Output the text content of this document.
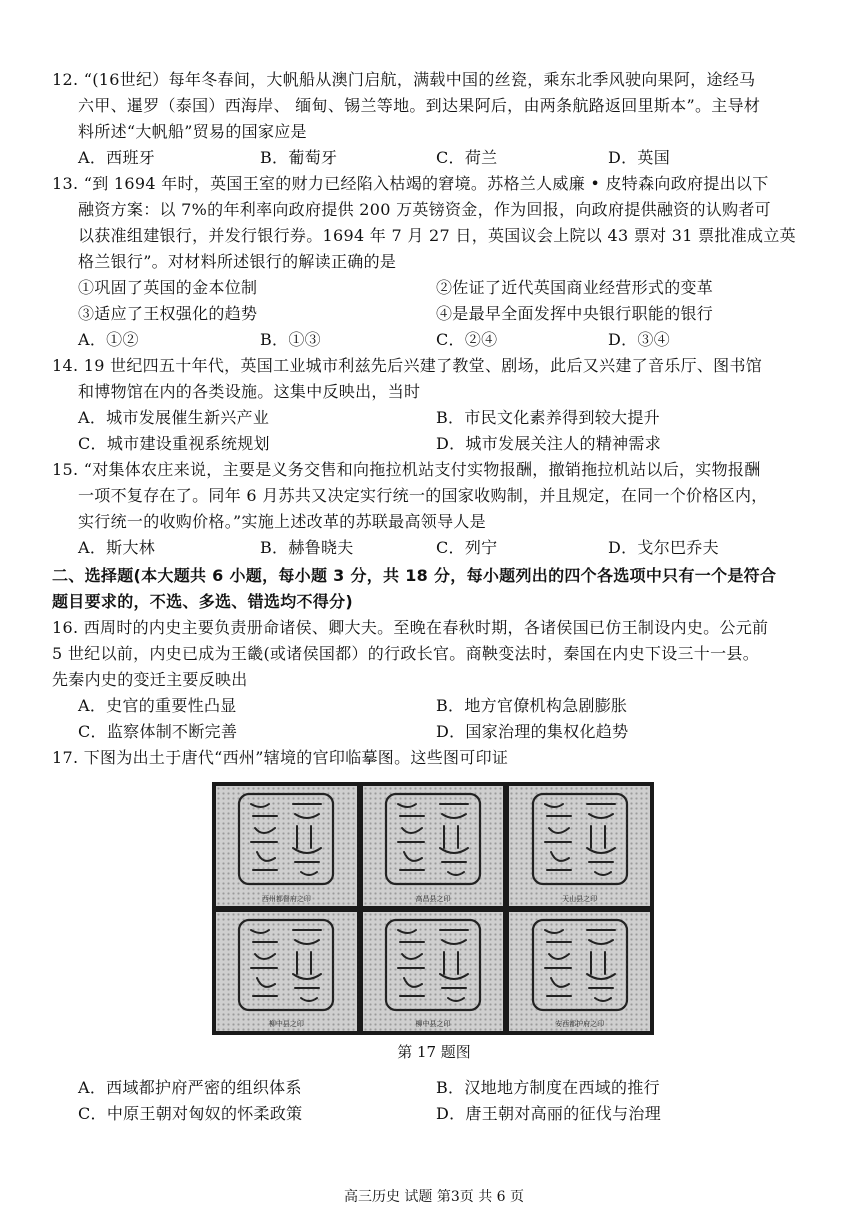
12. “(16世纪）每年冬春间，大帆船从澳门启航，满载中国的丝瓷，乘东北季风驶向果阿，途经马
六甲、暹罗（泰国）西海岸、 缅甸、锡兰等地。到达果阿后，由两条航路返回里斯本”。主导材
料所述“大帆船”贸易的国家应是
A．西班牙	B．葡萄牙	C．荷兰	D．英国
13. “到 1694 年时，英国王室的财力已经陷入枯竭的窘境。苏格兰人威廉 • 皮特森向政府提出以下
融资方案：以 7%的年利率向政府提供 200 万英镑资金，作为回报，向政府提供融资的认购者可
以获准组建银行，并发行银行券。1694 年 7 月 27 日，英国议会上院以 43 票对 31 票批准成立英
格兰银行”。对材料所述银行的解读正确的是
①巩固了英国的金本位制	②佐证了近代英国商业经营形式的变革
③适应了王权强化的趋势	④是最早全面发挥中央银行职能的银行
A．①②	B．①③	C．②④	D．③④
14. 19 世纪四五十年代，英国工业城市利兹先后兴建了教堂、剧场，此后又兴建了音乐厅、图书馆
和博物馆在内的各类设施。这集中反映出，当时
A．城市发展催生新兴产业	B．市民文化素养得到较大提升
C．城市建设重视系统规划	D．城市发展关注人的精神需求
15. “对集体农庄来说，主要是义务交售和向拖拉机站支付实物报酬，撤销拖拉机站以后，实物报酬
一项不复存在了。同年 6 月苏共又决定实行统一的国家收购制，并且规定，在同一个价格区内，
实行统一的收购价格。”实施上述改革的苏联最高领导人是
A．斯大林	B．赫鲁晓夫	C．列宁	D．戈尔巴乔夫
二、选择题(本大题共 6 小题，每小题 3 分，共 18 分，每小题列出的四个各选项中只有一个是符合
题目要求的，不选、多选、错选均不得分)
16. 西周时的内史主要负责册命诸侯、卿大夫。至晚在春秋时期，各诸侯国已仿王制设内史。公元前
5 世纪以前，内史已成为王畿(或诸侯国都）的行政长官。商鞅变法时，秦国在内史下设三十一县。
先秦内史的变迁主要反映出
A．史官的重要性凸显	B．地方官僚机构急剧膨胀
C．监察体制不断完善	D．国家治理的集权化趋势
17. 下图为出土于唐代“西州”辖境的官印临摹图。这些图可印证
A．西域都护府严密的组织体系	B．汉地地方制度在西域的推行
C．中原王朝对匈奴的怀柔政策	D．唐王朝对高丽的征伐与治理
西州都督府之印	高昌县之印	天山县之印
柳中县之印	柳中县之印	安西都护府之印
第 17 题图
高三历史 试题 第3页 共 6 页
